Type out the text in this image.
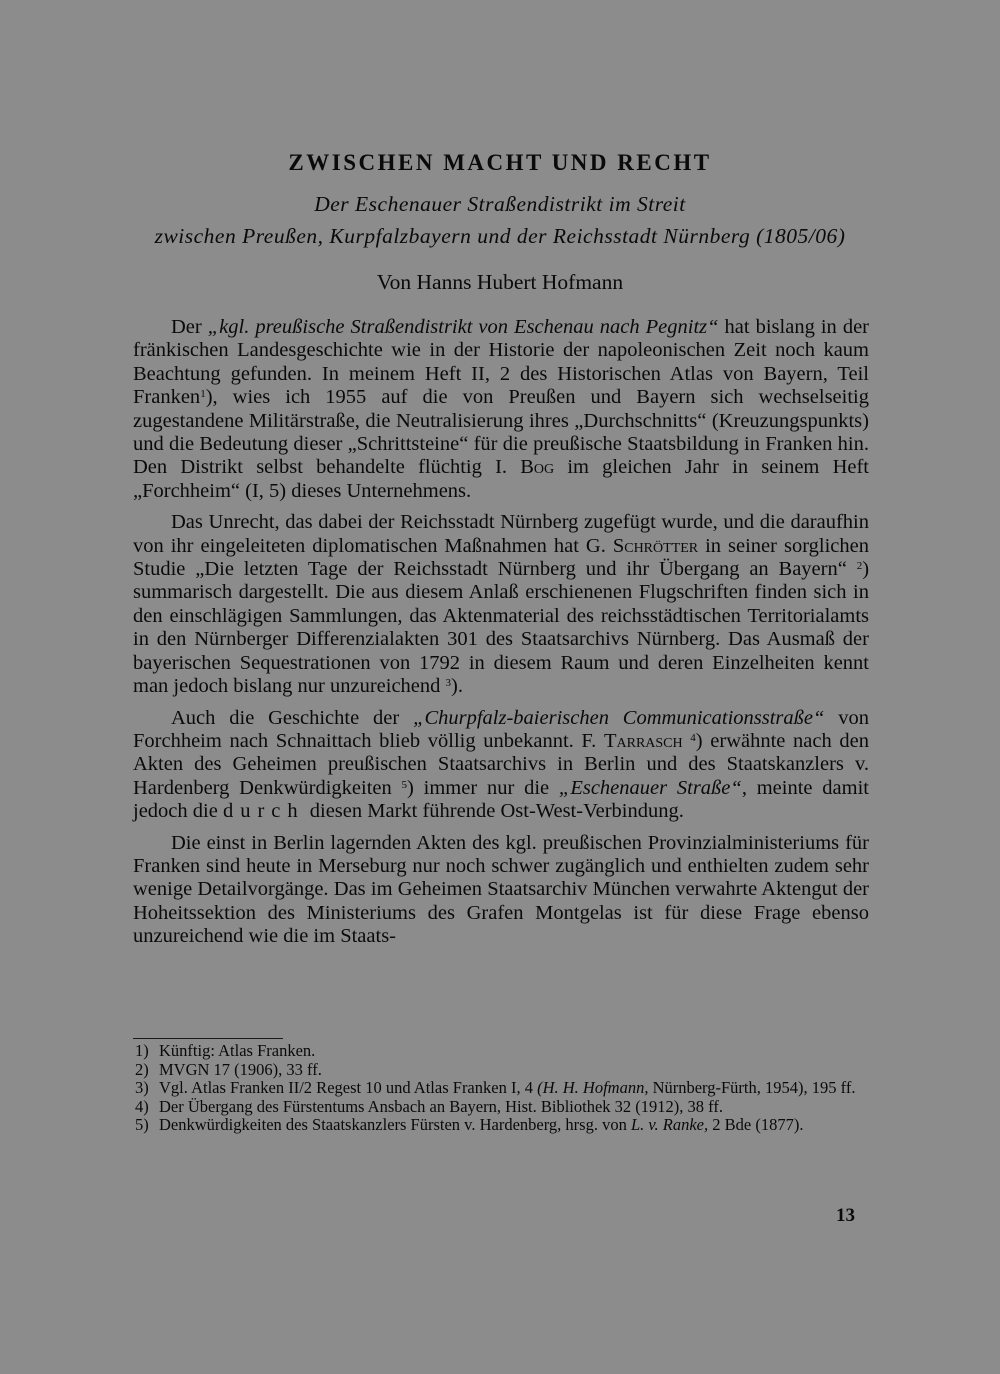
ZWISCHEN MACHT UND RECHT
Der Eschenauer Straßendistrikt im Streit
zwischen Preußen, Kurpfalzbayern und der Reichsstadt Nürnberg (1805/06)
Von Hanns Hubert Hofmann

Der „kgl. preußische Straßendistrikt von Eschenau nach Pegnitz“ hat bislang in der fränkischen Landesgeschichte wie in der Historie der napoleonischen Zeit noch kaum Beachtung gefunden. In meinem Heft II, 2 des Historischen Atlas von Bayern, Teil Franken$^1$), wies ich 1955 auf die von Preußen und Bayern sich wechselseitig zugestandene Militärstraße, die Neutralisierung ihres „Durchschnitts“ (Kreuzungspunkts) und die Bedeutung dieser „Schrittsteine“ für die preußische Staatsbildung in Franken hin. Den Distrikt selbst behandelte flüchtig I. Bog im gleichen Jahr in seinem Heft „Forchheim“ (I, 5) dieses Unternehmens.

Das Unrecht, das dabei der Reichsstadt Nürnberg zugefügt wurde, und die daraufhin von ihr eingeleiteten diplomatischen Maßnahmen hat G. Schrötter in seiner sorglichen Studie „Die letzten Tage der Reichsstadt Nürnberg und ihr Übergang an Bayern“ $^2$) summarisch dargestellt. Die aus diesem Anlaß erschienenen Flugschriften finden sich in den einschlägigen Sammlungen, das Aktenmaterial des reichsstädtischen Territorialamts in den Nürnberger Differenzialakten 301 des Staatsarchivs Nürnberg. Das Ausmaß der bayerischen Sequestrationen von 1792 in diesem Raum und deren Einzelheiten kennt man jedoch bislang nur unzureichend $^3$).

Auch die Geschichte der „Churpfalz-baierischen Communicationsstraße“ von Forchheim nach Schnaittach blieb völlig unbekannt. F. Tarrasch $^4$) erwähnte nach den Akten des Geheimen preußischen Staatsarchivs in Berlin und des Staatskanzlers v. Hardenberg Denkwürdigkeiten $^5$) immer nur die „Eschenauer Straße“, meinte damit jedoch die durch diesen Markt führende Ost-West-Verbindung.

Die einst in Berlin lagernden Akten des kgl. preußischen Provinzialministeriums für Franken sind heute in Merseburg nur noch schwer zugänglich und enthielten zudem sehr wenige Detailvorgänge. Das im Geheimen Staatsarchiv München verwahrte Aktengut der Hoheitssektion des Ministeriums des Grafen Montgelas ist für diese Frage ebenso unzureichend wie die im Staats-

1) Künftig: Atlas Franken.
2) MVGN 17 (1906), 33 ff.
3) Vgl. Atlas Franken II/2 Regest 10 und Atlas Franken I, 4 (H. H. Hofmann, Nürnberg-Fürth, 1954), 195 ff.
4) Der Übergang des Fürstentums Ansbach an Bayern, Hist. Bibliothek 32 (1912), 38 ff.
5) Denkwürdigkeiten des Staatskanzlers Fürsten v. Hardenberg, hrsg. von L. v. Ranke, 2 Bde (1877).
13
